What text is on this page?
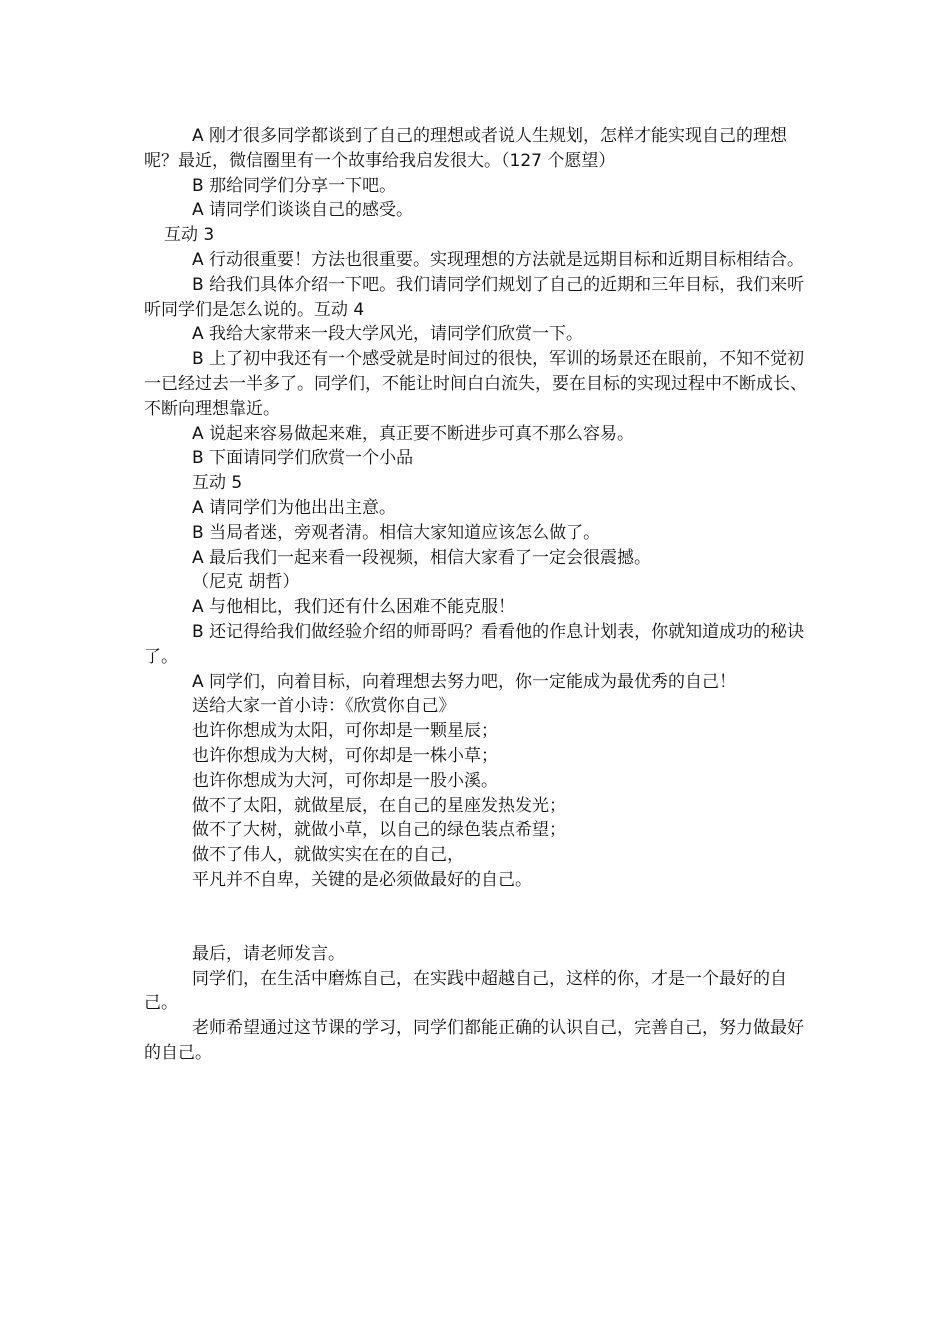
A 刚才很多同学都谈到了自己的理想或者说人生规划，怎样才能实现自己的理想呢？最近，微信圈里有一个故事给我启发很大。（127 个愿望）

B 那给同学们分享一下吧。

A 请同学们谈谈自己的感受。

互动 3

A 行动很重要！方法也很重要。实现理想的方法就是远期目标和近期目标相结合。

B 给我们具体介绍一下吧。我们请同学们规划了自己的近期和三年目标，我们来听听同学们是怎么说的。互动 4

A 我给大家带来一段大学风光，请同学们欣赏一下。

B 上了初中我还有一个感受就是时间过的很快，军训的场景还在眼前，不知不觉初一已经过去一半多了。同学们，不能让时间白白流失，要在目标的实现过程中不断成长、不断向理想靠近。

A 说起来容易做起来难，真正要不断进步可真不那么容易。

B 下面请同学们欣赏一个小品

互动 5

A 请同学们为他出出主意。

B 当局者迷，旁观者清。相信大家知道应该怎么做了。

A 最后我们一起来看一段视频，相信大家看了一定会很震撼。

（尼克 胡哲）

A 与他相比，我们还有什么困难不能克服！

B 还记得给我们做经验介绍的师哥吗？看看他的作息计划表，你就知道成功的秘诀了。

A 同学们，向着目标，向着理想去努力吧，你一定能成为最优秀的自己！

送给大家一首小诗：《欣赏你自己》

也许你想成为太阳，可你却是一颗星辰；

也许你想成为大树，可你却是一株小草；

也许你想成为大河，可你却是一股小溪。

做不了太阳，就做星辰，在自己的星座发热发光；

做不了大树，就做小草，以自己的绿色装点希望；

做不了伟人，就做实实在在的自己，

平凡并不自卑，关键的是必须做最好的自己。

最后，请老师发言。

同学们，在生活中磨炼自己，在实践中超越自己，这样的你，才是一个最好的自己。

老师希望通过这节课的学习，同学们都能正确的认识自己，完善自己，努力做最好的自己。
